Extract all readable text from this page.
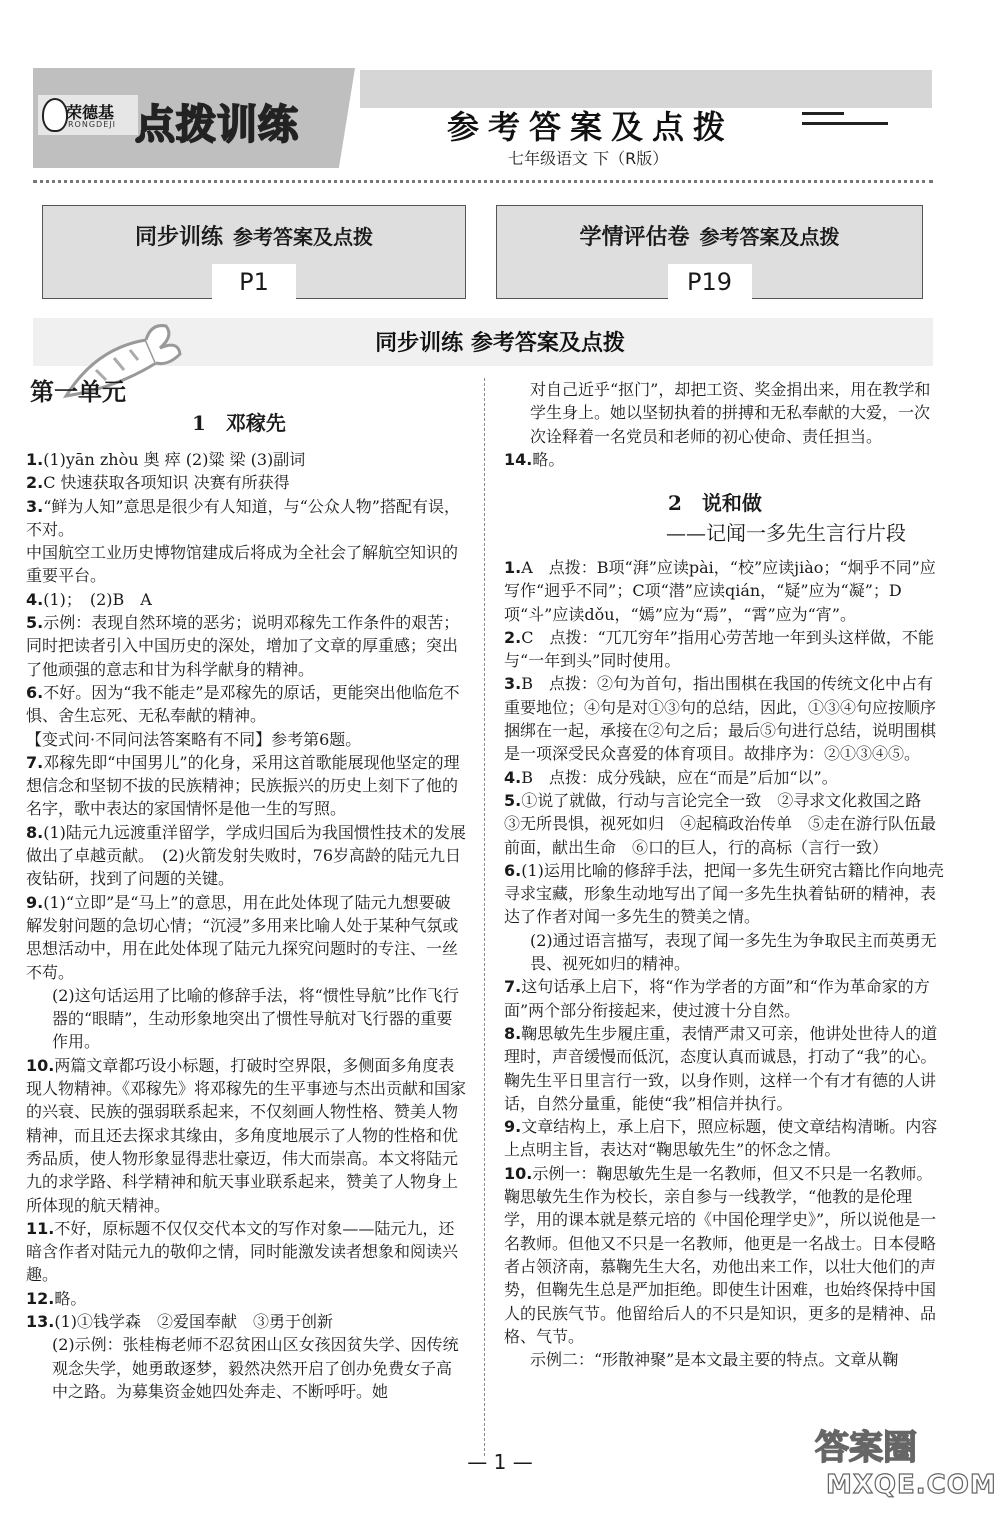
荣德基
RONGDEJI 点拨训练	参考答案及点拨
七年级语文 下（R版）
同步训练 参考答案及点拨
P1
学情评估卷 参考答案及点拨
P19
同步训练 参考答案及点拨
第一单元
1　邓稼先

1.(1)yān zhòu 奥 瘁 (2)粱 梁 (3)副词

2.C 快速获取各项知识 决赛有所获得

3.“鲜为人知”意思是很少有人知道，与“公众人物”搭配有误，不对。

中国航空工业历史博物馆建成后将成为全社会了解航空知识的重要平台。

4.(1)；　(2)B　A

5.示例：表现自然环境的恶劣；说明邓稼先工作条件的艰苦；同时把读者引入中国历史的深处，增加了文章的厚重感；突出了他顽强的意志和甘为科学献身的精神。

6.不好。因为“我不能走”是邓稼先的原话，更能突出他临危不惧、舍生忘死、无私奉献的精神。

【变式问·不同问法答案略有不同】参考第6题。

7.邓稼先即“中国男儿”的化身，采用这首歌能展现他坚定的理想信念和坚韧不拔的民族精神；民族振兴的历史上刻下了他的名字，歌中表达的家国情怀是他一生的写照。

8.(1)陆元九远渡重洋留学，学成归国后为我国惯性技术的发展做出了卓越贡献。　(2)火箭发射失败时，76岁高龄的陆元九日夜钻研，找到了问题的关键。

9.(1)“立即”是“马上”的意思，用在此处体现了陆元九想要破解发射问题的急切心情；“沉浸”多用来比喻人处于某种气氛或思想活动中，用在此处体现了陆元九探究问题时的专注、一丝不苟。

(2)这句话运用了比喻的修辞手法，将“惯性导航”比作飞行器的“眼睛”，生动形象地突出了惯性导航对飞行器的重要作用。

10.两篇文章都巧设小标题，打破时空界限，多侧面多角度表现人物精神。《邓稼先》将邓稼先的生平事迹与杰出贡献和国家的兴衰、民族的强弱联系起来，不仅刻画人物性格、赞美人物精神，而且还去探求其缘由，多角度地展示了人物的性格和优秀品质，使人物形象显得悲壮豪迈，伟大而崇高。本文将陆元九的求学路、科学精神和航天事业联系起来，赞美了人物身上所体现的航天精神。

11.不好，原标题不仅仅交代本文的写作对象——陆元九，还暗含作者对陆元九的敬仰之情，同时能激发读者想象和阅读兴趣。

12.略。

13.(1)①钱学森　②爱国奉献　③勇于创新

(2)示例：张桂梅老师不忍贫困山区女孩因贫失学、因传统观念失学，她勇敢逐梦，毅然决然开启了创办免费女子高中之路。为募集资金她四处奔走、不断呼吁。她

对自己近乎“抠门”，却把工资、奖金捐出来，用在教学和学生身上。她以坚韧执着的拼搏和无私奉献的大爱，一次次诠释着一名党员和老师的初心使命、责任担当。

14.略。

2　说和做
——记闻一多先生言行片段

1.A　点拨：B项“湃”应读pài，“校”应读jiào；“炯乎不同”应写作“迥乎不同”；C项“潜”应读qián，“疑”应为“凝”；D项“斗”应读dǒu，“嫣”应为“焉”，“霄”应为“宵”。

2.C　点拨：“兀兀穷年”指用心劳苦地一年到头这样做，不能与“一年到头”同时使用。

3.B　点拨：②句为首句，指出围棋在我国的传统文化中占有重要地位；④句是对①③句的总结，因此，①③④句应按顺序捆绑在一起，承接在②句之后；最后⑤句进行总结，说明围棋是一项深受民众喜爱的体育项目。故排序为：②①③④⑤。

4.B　点拨：成分残缺，应在“而是”后加“以”。

5.①说了就做，行动与言论完全一致　②寻求文化救国之路　③无所畏惧，视死如归　④起稿政治传单　⑤走在游行队伍最前面，献出生命　⑥口的巨人，行的高标（言行一致）

6.(1)运用比喻的修辞手法，把闻一多先生研究古籍比作向地壳寻求宝藏，形象生动地写出了闻一多先生执着钻研的精神，表达了作者对闻一多先生的赞美之情。

(2)通过语言描写，表现了闻一多先生为争取民主而英勇无畏、视死如归的精神。

7.这句话承上启下，将“作为学者的方面”和“作为革命家的方面”两个部分衔接起来，使过渡十分自然。

8.鞠思敏先生步履庄重，表情严肃又可亲，他讲处世待人的道理时，声音缓慢而低沉，态度认真而诚恳，打动了“我”的心。鞠先生平日里言行一致，以身作则，这样一个有才有德的人讲话，自然分量重，能使“我”相信并执行。

9.文章结构上，承上启下，照应标题，使文章结构清晰。内容上点明主旨，表达对“鞠思敏先生”的怀念之情。

10.示例一：鞠思敏先生是一名教师，但又不只是一名教师。鞠思敏先生作为校长，亲自参与一线教学，“他教的是伦理学，用的课本就是蔡元培的《中国伦理学史》”，所以说他是一名教师。但他又不只是一名教师，他更是一名战士。日本侵略者占领济南，慕鞠先生大名，劝他出来工作，以壮大他们的声势，但鞠先生总是严加拒绝。即使生计困难，也始终保持中国人的民族气节。他留给后人的不只是知识，更多的是精神、品格、气节。

示例二：“形散神聚”是本文最主要的特点。文章从鞠

— 1 —	答案圈
MXQE.COM
